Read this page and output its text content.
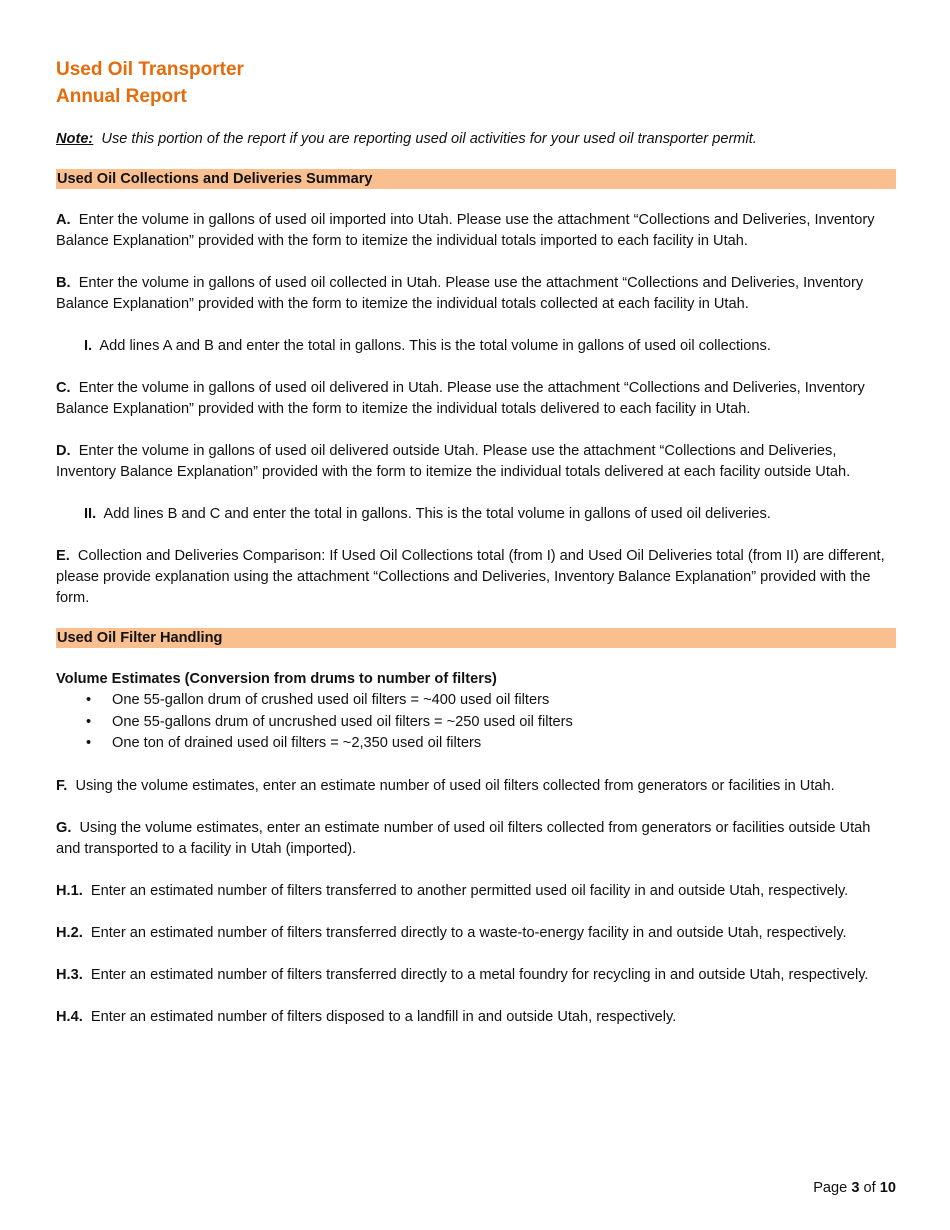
Used Oil Transporter
Annual Report
Note: Use this portion of the report if you are reporting used oil activities for your used oil transporter permit.
Used Oil Collections and Deliveries Summary

A. Enter the volume in gallons of used oil imported into Utah. Please use the attachment “Collections and Deliveries, Inventory Balance Explanation” provided with the form to itemize the individual totals imported to each facility in Utah.

B. Enter the volume in gallons of used oil collected in Utah. Please use the attachment “Collections and Deliveries, Inventory Balance Explanation” provided with the form to itemize the individual totals collected at each facility in Utah.

I. Add lines A and B and enter the total in gallons. This is the total volume in gallons of used oil collections.

C. Enter the volume in gallons of used oil delivered in Utah. Please use the attachment “Collections and Deliveries, Inventory Balance Explanation” provided with the form to itemize the individual totals delivered to each facility in Utah.

D. Enter the volume in gallons of used oil delivered outside Utah. Please use the attachment “Collections and Deliveries, Inventory Balance Explanation” provided with the form to itemize the individual totals delivered at each facility outside Utah.

II. Add lines B and C and enter the total in gallons. This is the total volume in gallons of used oil deliveries.

E. Collection and Deliveries Comparison: If Used Oil Collections total (from I) and Used Oil Deliveries total (from II) are different, please provide explanation using the attachment “Collections and Deliveries, Inventory Balance Explanation” provided with the form.

Used Oil Filter Handling
Volume Estimates (Conversion from drums to number of filters)
• One 55-gallon drum of crushed used oil filters = ~400 used oil filters
• One 55-gallons drum of uncrushed used oil filters = ~250 used oil filters
• One ton of drained used oil filters = ~2,350 used oil filters

F. Using the volume estimates, enter an estimate number of used oil filters collected from generators or facilities in Utah.

G. Using the volume estimates, enter an estimate number of used oil filters collected from generators or facilities outside Utah and transported to a facility in Utah (imported).

H.1. Enter an estimated number of filters transferred to another permitted used oil facility in and outside Utah, respectively.

H.2. Enter an estimated number of filters transferred directly to a waste-to-energy facility in and outside Utah, respectively.

H.3. Enter an estimated number of filters transferred directly to a metal foundry for recycling in and outside Utah, respectively.

H.4. Enter an estimated number of filters disposed to a landfill in and outside Utah, respectively.

Page 3 of 10
